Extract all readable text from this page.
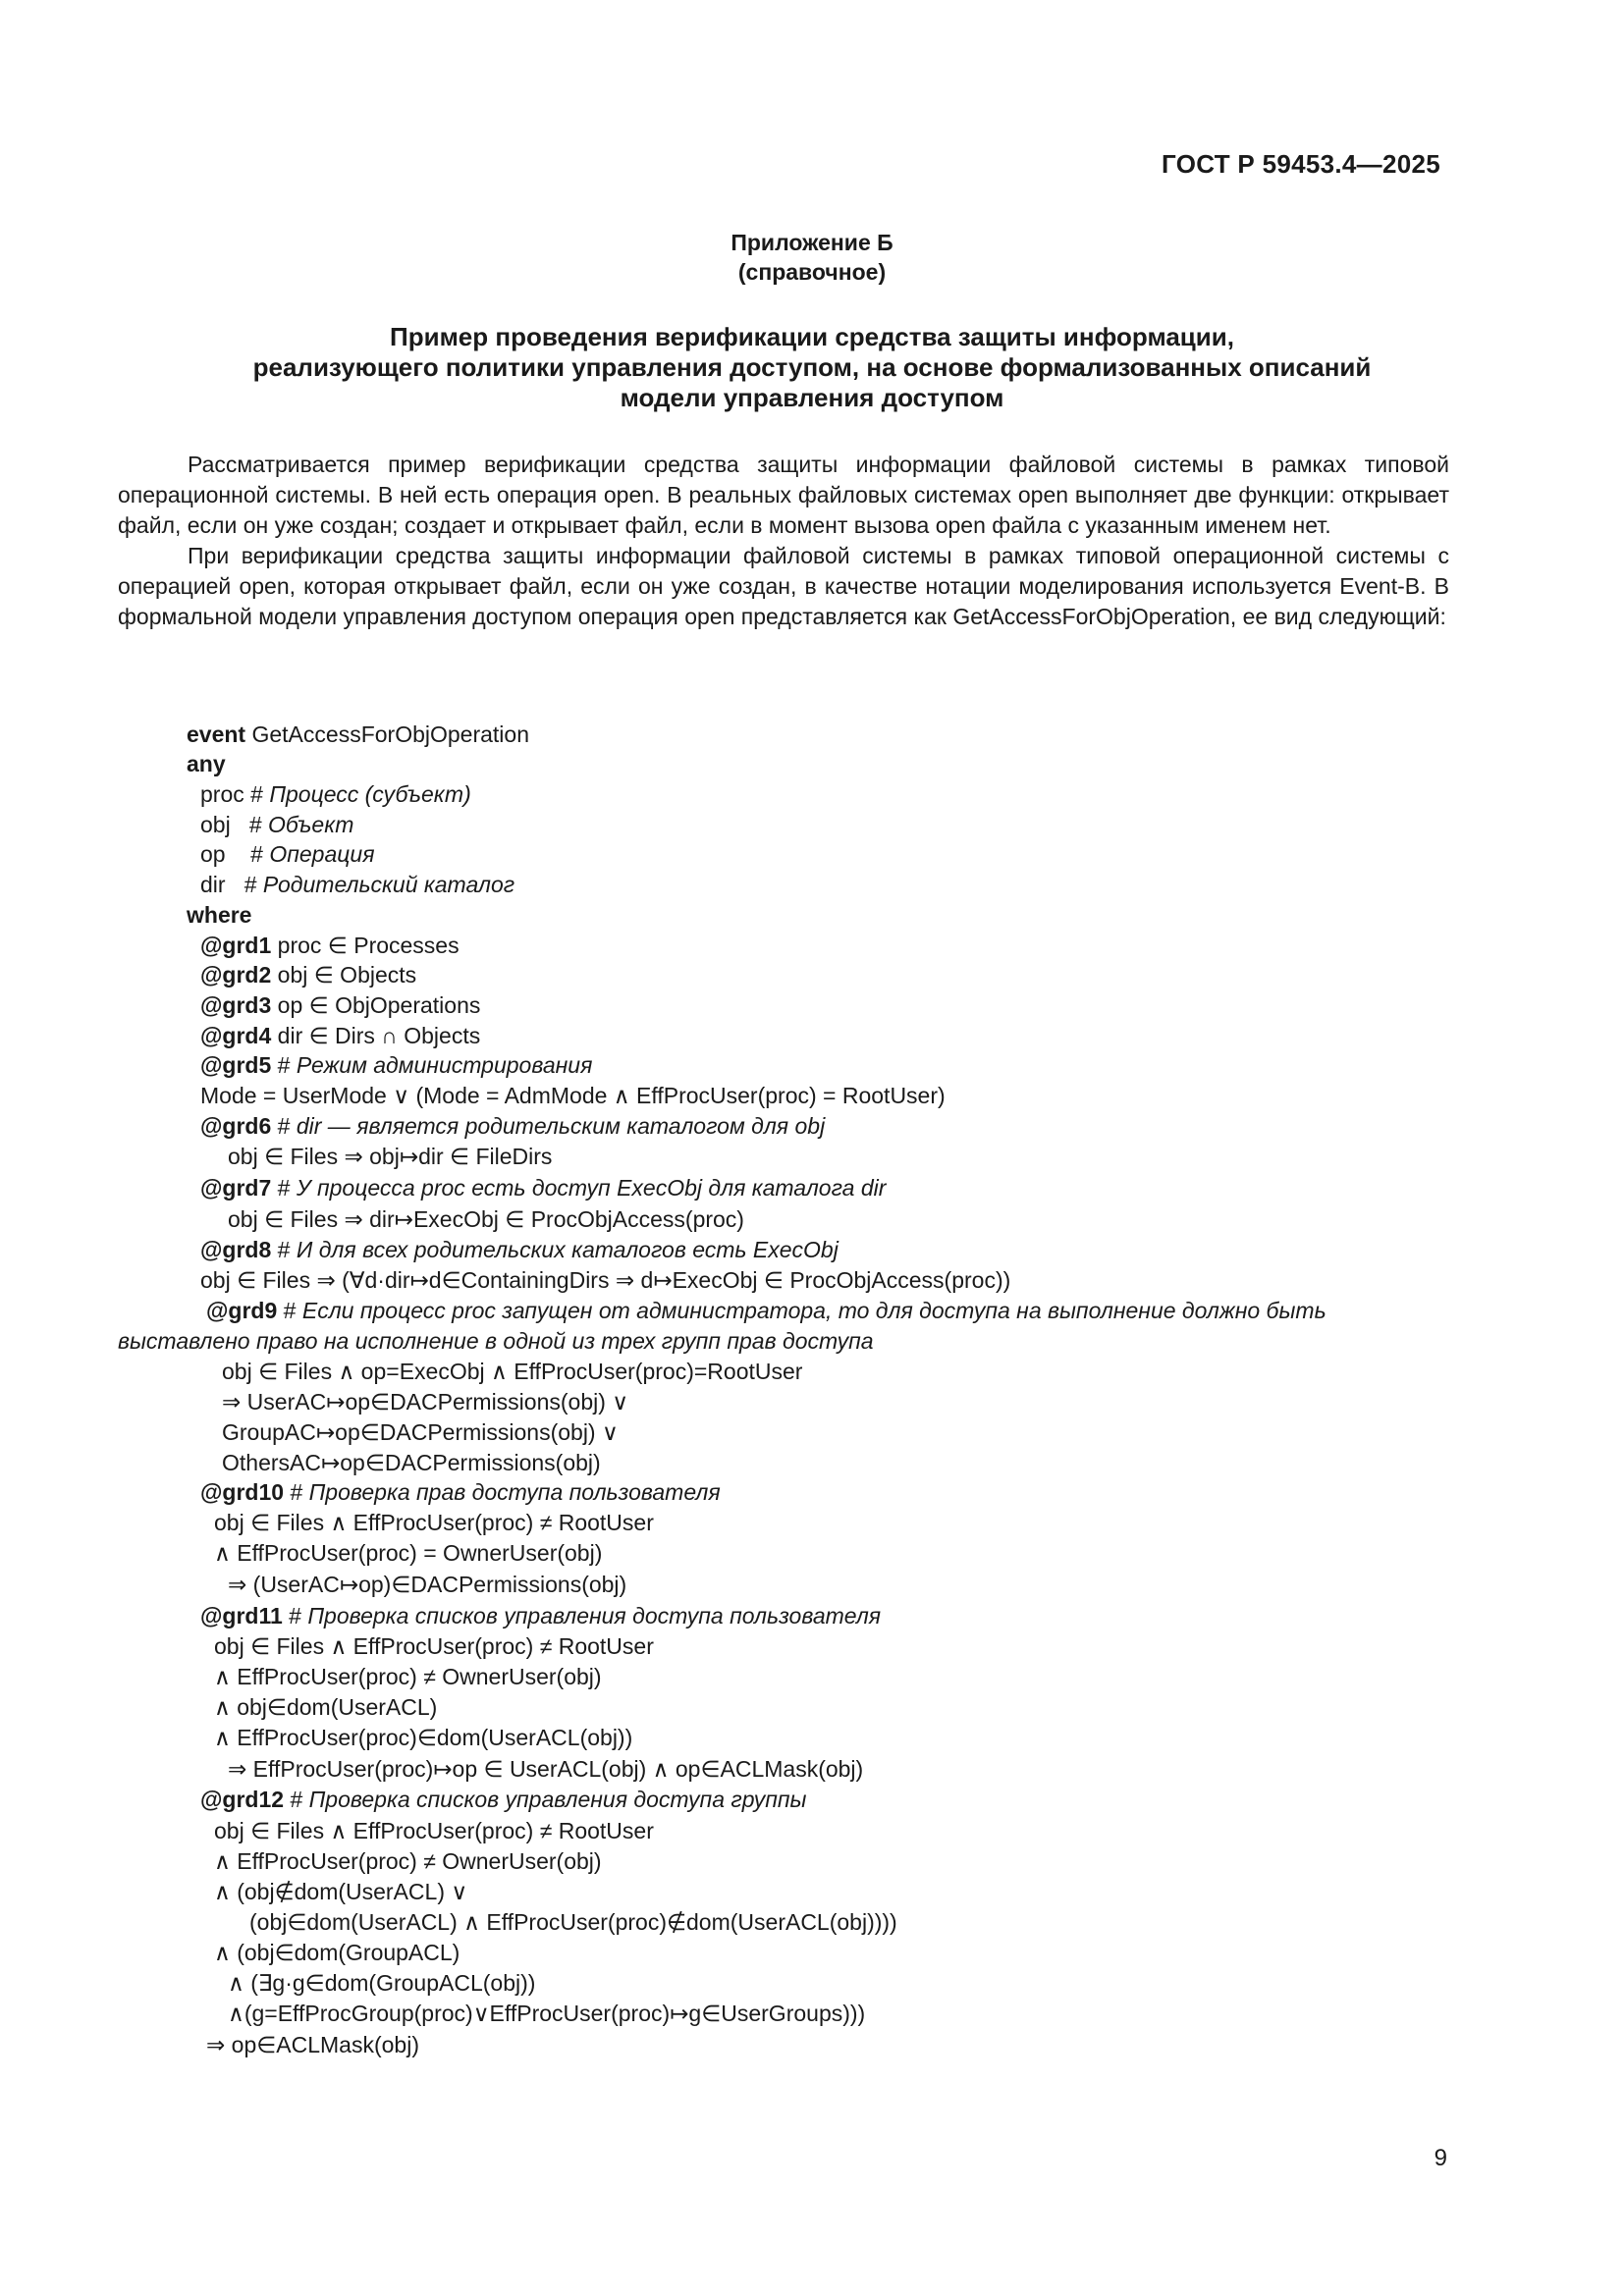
ГОСТ Р 59453.4—2025
Приложение Б
(справочное)
Пример проведения верификации средства защиты информации,
реализующего политики управления доступом, на основе формализованных описаний
модели управления доступом

Рассматривается пример верификации средства защиты информации файловой системы в рамках типовой операционной системы. В ней есть операция open. В реальных файловых системах open выполняет две функции: открывает файл, если он уже создан; создает и открывает файл, если в момент вызова open файла с указанным именем нет.

При верификации средства защиты информации файловой системы в рамках типовой операционной системы с операцией open, которая открывает файл, если он уже создан, в качестве нотации моделирования используется Event-B. В формальной модели управления доступом операция open представляется как GetAccessForObjOperation, ее вид следующий:

event GetAccessForObjOperation
any
proc # Процесс (субъект)
obj   # Объект
op    # Операция
dir   # Родительский каталог
where
@grd1 proc ∈ Processes
@grd2 obj ∈ Objects
@grd3 op ∈ ObjOperations
@grd4 dir ∈ Dirs ∩ Objects
@grd5 # Режим администрирования
Mode = UserMode ∨ (Mode = AdmMode ∧ EffProcUser(proc) = RootUser)
@grd6 # dir — является родительским каталогом для obj
obj ∈ Files ⇒ obj↦dir ∈ FileDirs
@grd7 # У процесса proc есть доступ ExecObj для каталога dir
obj ∈ Files ⇒ dir↦ExecObj ∈ ProcObjAccess(proc)
@grd8 # И для всех родительских каталогов есть ExecObj
obj ∈ Files ⇒ (∀d·dir↦d∈ContainingDirs ⇒ d↦ExecObj ∈ ProcObjAccess(proc))
@grd9 # Если процесс proc запущен от администратора, то для доступа на выполнение должно быть
выставлено право на исполнение в одной из трех групп прав доступа
obj ∈ Files ∧ op=ExecObj ∧ EffProcUser(proc)=RootUser
⇒ UserAC↦op∈DACPermissions(obj) ∨
GroupAC↦op∈DACPermissions(obj) ∨
OthersAC↦op∈DACPermissions(obj)
@grd10 # Проверка прав доступа пользователя
obj ∈ Files ∧ EffProcUser(proc) ≠ RootUser
∧ EffProcUser(proc) = OwnerUser(obj)
⇒ (UserAC↦op)∈DACPermissions(obj)
@grd11 # Проверка списков управления доступа пользователя
obj ∈ Files ∧ EffProcUser(proc) ≠ RootUser
∧ EffProcUser(proc) ≠ OwnerUser(obj)
∧ obj∈dom(UserACL)
∧ EffProcUser(proc)∈dom(UserACL(obj))
⇒ EffProcUser(proc)↦op ∈ UserACL(obj) ∧ op∈ACLMask(obj)
@grd12 # Проверка списков управления доступа группы
obj ∈ Files ∧ EffProcUser(proc) ≠ RootUser
∧ EffProcUser(proc) ≠ OwnerUser(obj)
∧ (obj∉dom(UserACL) ∨
(obj∈dom(UserACL) ∧ EffProcUser(proc)∉dom(UserACL(obj))))
∧ (obj∈dom(GroupACL)
∧ (∃g·g∈dom(GroupACL(obj))
∧(g=EffProcGroup(proc)∨EffProcUser(proc)↦g∈UserGroups)))
⇒ op∈ACLMask(obj)
9
